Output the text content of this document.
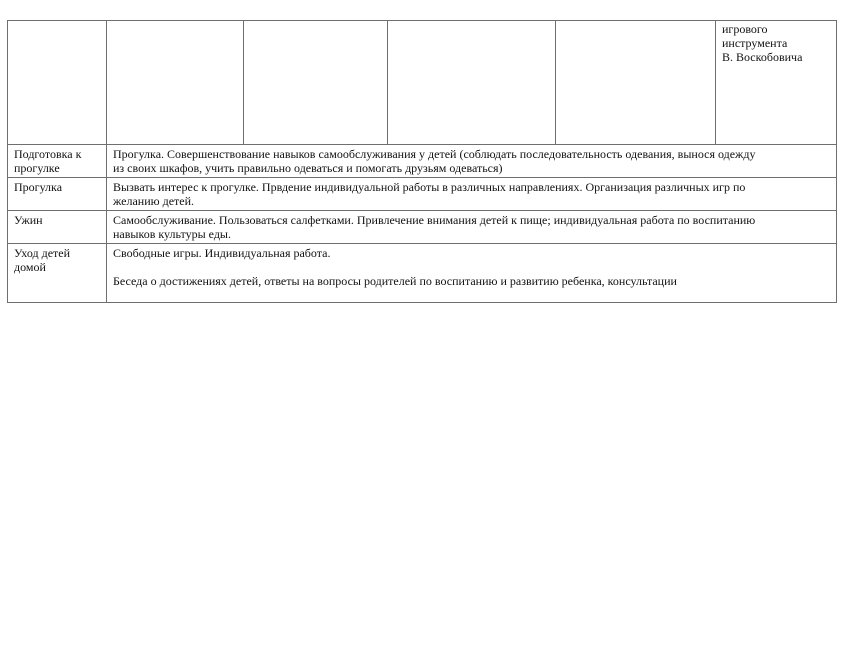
					игрового
инструмента
В. Воскобовича

Подготовка к
прогулке	Прогулка. Совершенствование навыков самообслуживания у детей (соблюдать последовательность одевания, вынося одежду
из своих шкафов, учить правильно одеваться и помогать друзьям одеваться)				

Прогулка	Вызвать интерес к прогулке. Првдение индивидуальной работы в различных направлениях. Организация различных игр по
желанию детей.				

Ужин	Самообслуживание. Пользоваться салфетками. Привлечение внимания детей к пище; индивидуальная работа по воспитанию
навыков культуры еды.				

Уход детей
домой	Свободные игры. Индивидуальная работа.
Беседа о достижениях детей, ответы на вопросы родителей по воспитанию и развитию ребенка, консультации				
